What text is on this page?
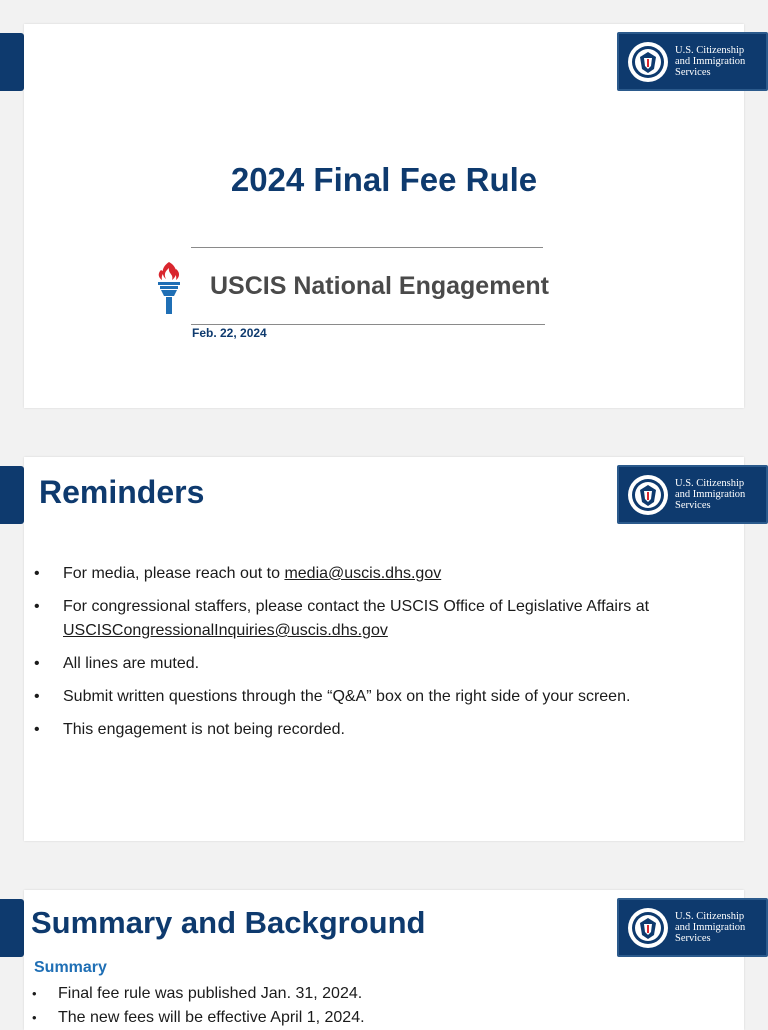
2024 Final Fee Rule
USCIS National Engagement
Feb. 22, 2024
U.S. Citizenship
and Immigration
Services
Reminders
• For media, please reach out to media@uscis.dhs.gov
• For congressional staffers, please contact the USCIS Office of Legislative Affairs at USCISCongressionalInquiries@uscis.dhs.gov
• All lines are muted.
• Submit written questions through the “Q&A” box on the right side of your screen.
• This engagement is not being recorded.
U.S. Citizenship
and Immigration
Services
Summary and Background
Summary
• Final fee rule was published Jan. 31, 2024.
• The new fees will be effective April 1, 2024.
U.S. Citizenship
and Immigration
Services
